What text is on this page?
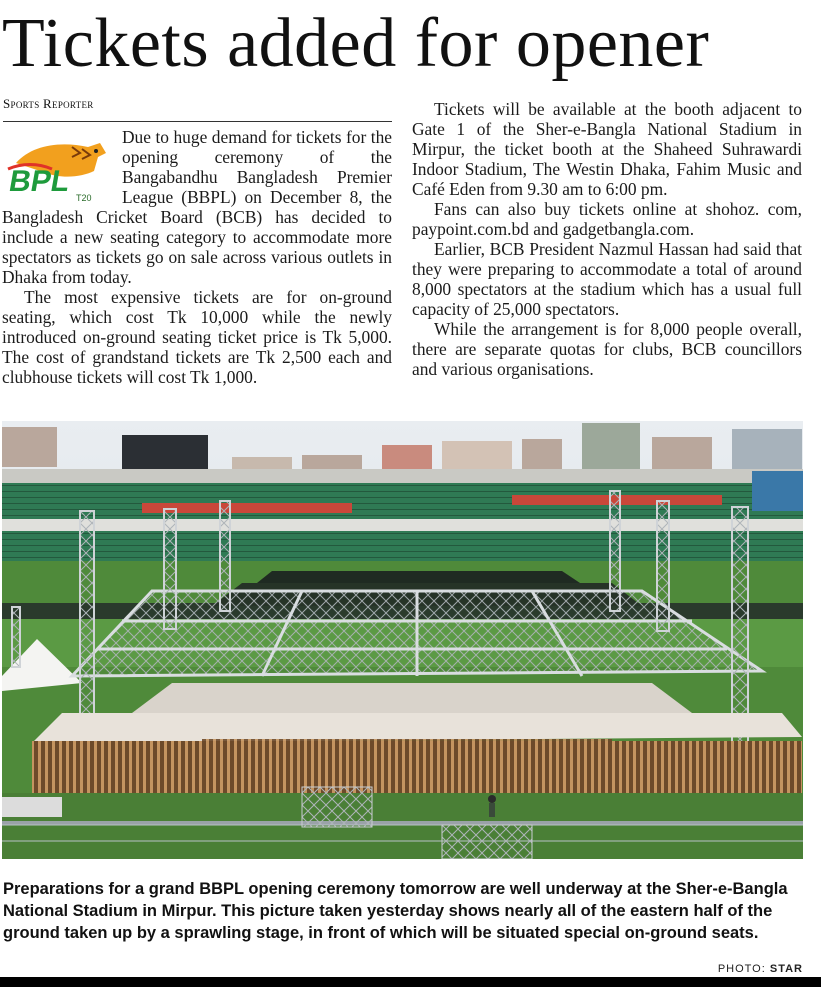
Tickets added for opener
Sports Reporter
BPL
T20

Due to huge demand for tickets for the opening ceremony of the Bangabandhu Bangladesh Premier League (BBPL) on December 8, the Bangladesh Cricket Board (BCB) has decided to include a new seating category to accommodate more spectators as tickets go on sale across various outlets in Dhaka from today.

The most expensive tickets are for on-ground seating, which cost Tk 10,000 while the newly introduced on-ground seating ticket price is Tk 5,000. The cost of grandstand tickets are Tk 2,500 each and clubhouse tickets will cost Tk 1,000.

Tickets will be available at the booth adjacent to Gate 1 of the Sher-e-Bangla National Stadium in Mirpur, the ticket booth at the Shaheed Suhrawardi Indoor Stadium, The Westin Dhaka, Fahim Music and Café Eden from 9.30 am to 6:00 pm.

Fans can also buy tickets online at shohoz. com, paypoint.com.bd and gadgetbangla.com.

Earlier, BCB President Nazmul Hassan had said that they were preparing to accommodate a total of around 8,000 spectators at the stadium which has a usual full capacity of 25,000 spectators.

While the arrangement is for 8,000 people overall, there are separate quotas for clubs, BCB councillors and various organisations.

Preparations for a grand BBPL opening ceremony tomorrow are well underway at the Sher-e-Bangla National Stadium in Mirpur. This picture taken yesterday shows nearly all of the eastern half of the ground taken up by a sprawling stage, in front of which will be situated special on-ground seats.
PHOTO: STAR
